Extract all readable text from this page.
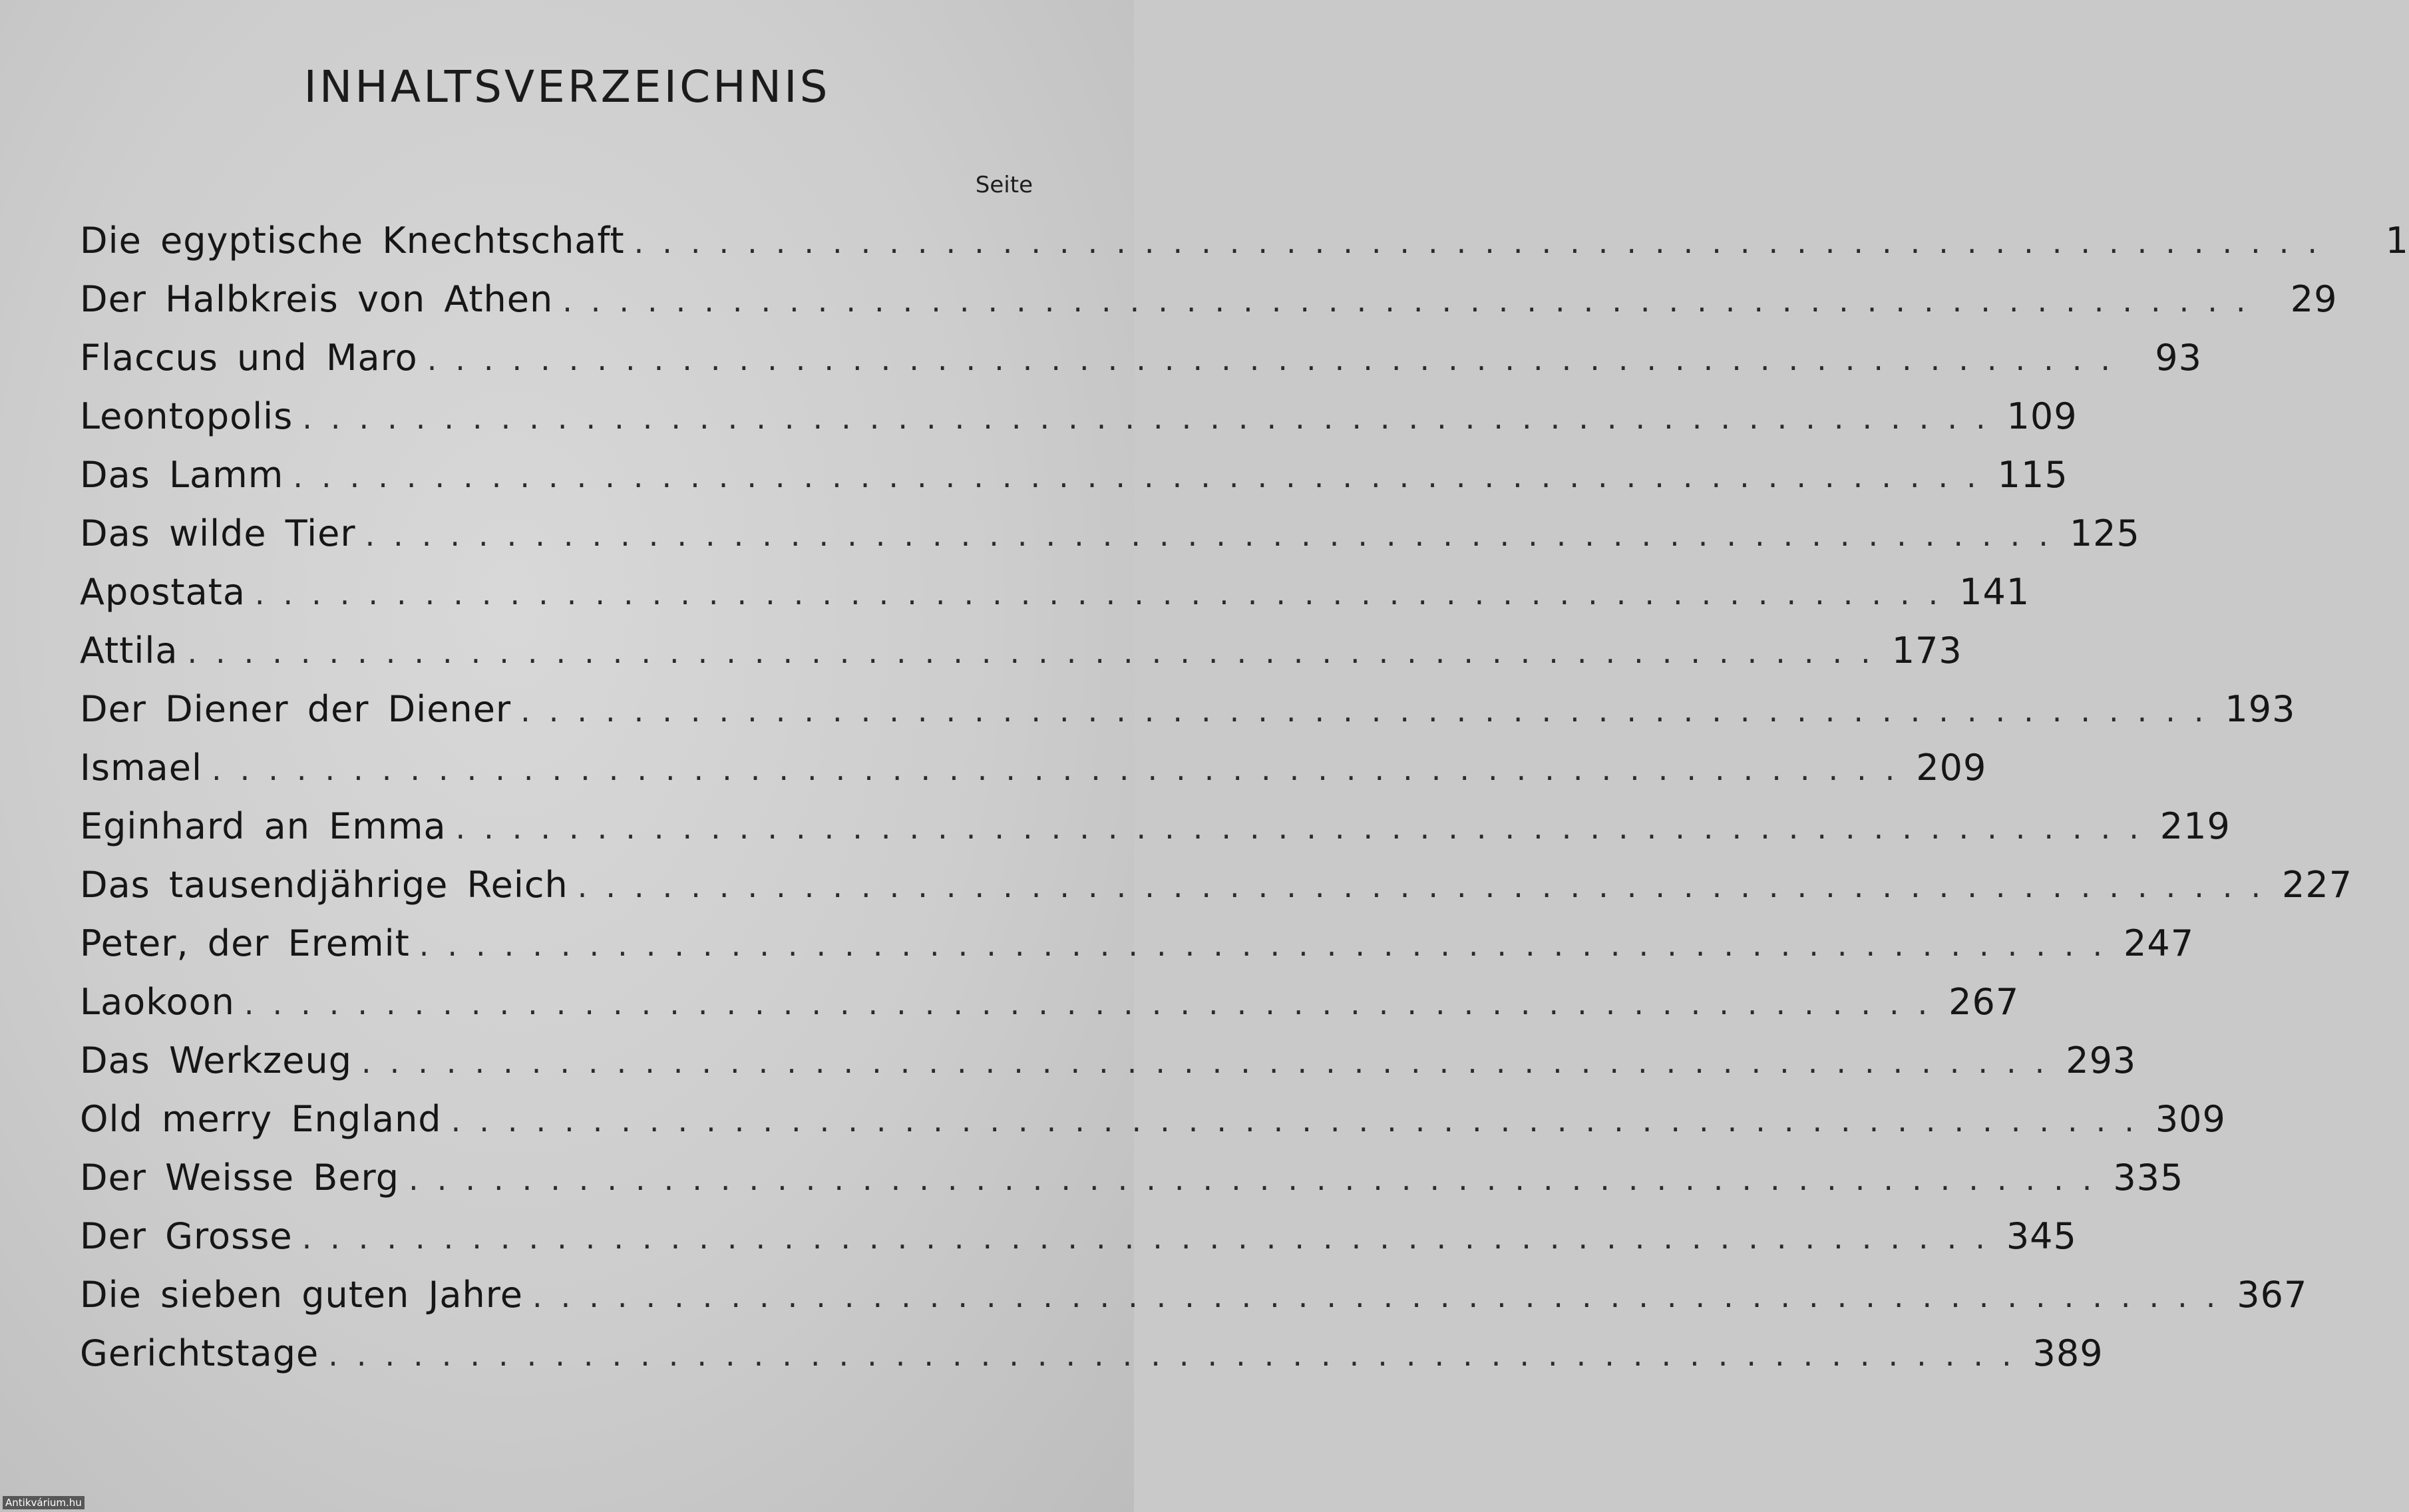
INHALTSVERZEICHNIS
Seite
Die egyptische Knechtschaft ............................................................	1
Der Halbkreis von Athen ............................................................ 29
Flaccus und Maro ............................................................ 93
Leontopolis ............................................................ 109
Das Lamm ............................................................ 115
Das wilde Tier ............................................................ 125
Apostata ............................................................ 141
Attila ............................................................ 173
Der Diener der Diener ............................................................ 193
Ismael ............................................................ 209
Eginhard an Emma ............................................................ 219
Das tausendjährige Reich ............................................................ 227
Peter, der Eremit ............................................................ 247
Laokoon ............................................................ 267
Das Werkzeug ............................................................ 293
Old merry England ............................................................ 309
Der Weisse Berg ............................................................ 335
Der Grosse ............................................................ 345
Die sieben guten Jahre ............................................................ 367
Gerichtstage ............................................................ 389
Antikvárium.hu
